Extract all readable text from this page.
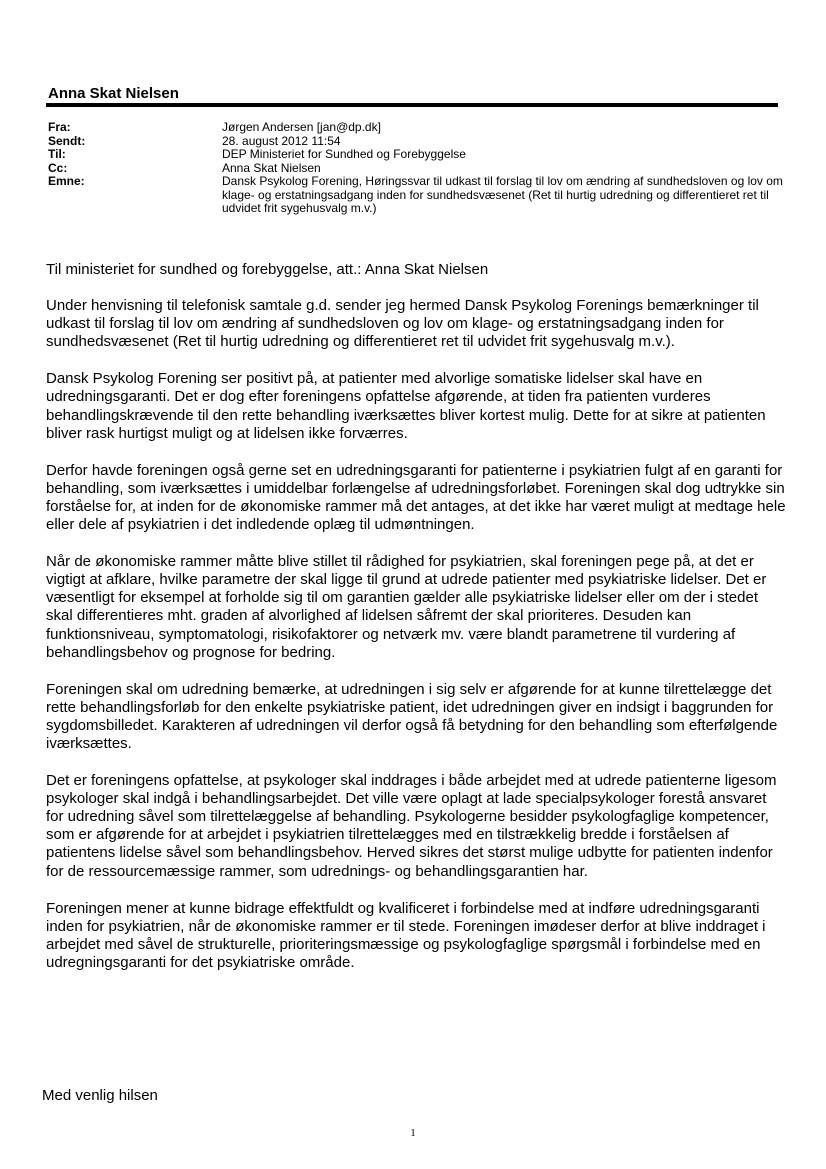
Anna Skat Nielsen
Fra:	Jørgen Andersen [jan@dp.dk]
Sendt:	28. august 2012 11:54
Til:	DEP Ministeriet for Sundhed og Forebyggelse
Cc:	Anna Skat Nielsen
Emne:	Dansk Psykolog Forening, Høringssvar til udkast til forslag til lov om ændring af sundhedsloven og lov om klage- og erstatningsadgang inden for sundhedsvæsenet (Ret til hurtig udredning og differentieret ret til udvidet frit sygehusvalg m.v.)

Til ministeriet for sundhed og forebyggelse, att.: Anna Skat Nielsen

Under henvisning til telefonisk samtale g.d. sender jeg hermed Dansk Psykolog Forenings bemærkninger til udkast til forslag til lov om ændring af sundhedsloven og lov om klage- og erstatningsadgang inden for sundhedsvæsenet (Ret til hurtig udredning og differentieret ret til udvidet frit sygehusvalg m.v.).

Dansk Psykolog Forening ser positivt på, at patienter med alvorlige somatiske lidelser skal have en udredningsgaranti. Det er dog efter foreningens opfattelse afgørende, at tiden fra patienten vurderes behandlingskrævende til den rette behandling iværksættes bliver kortest mulig. Dette for at sikre at patienten bliver rask hurtigst muligt og at lidelsen ikke forværres.

Derfor havde foreningen også gerne set en udredningsgaranti for patienterne i psykiatrien fulgt af en garanti for behandling, som iværksættes i umiddelbar forlængelse af udredningsforløbet. Foreningen skal dog udtrykke sin forståelse for, at inden for de økonomiske rammer må det antages, at det ikke har været muligt at medtage hele eller dele af psykiatrien i det indledende oplæg til udmøntningen.

Når de økonomiske rammer måtte blive stillet til rådighed for psykiatrien, skal foreningen pege på, at det er vigtigt at afklare, hvilke parametre der skal ligge til grund at udrede patienter med psykiatriske lidelser. Det er væsentligt for eksempel at forholde sig til om garantien gælder alle psykiatriske lidelser eller om der i stedet skal differentieres mht. graden af alvorlighed af lidelsen såfremt der skal prioriteres. Desuden kan funktionsniveau, symptomatologi, risikofaktorer og netværk mv. være blandt parametrene til vurdering af behandlingsbehov og prognose for bedring.

Foreningen skal om udredning bemærke, at udredningen i sig selv er afgørende for at kunne tilrettelægge det rette behandlingsforløb for den enkelte psykiatriske patient, idet udredningen giver en indsigt i baggrunden for sygdomsbilledet. Karakteren af udredningen vil derfor også få betydning for den behandling som efterfølgende iværksættes.

Det er foreningens opfattelse, at psykologer skal inddrages i både arbejdet med at udrede patienterne ligesom psykologer skal indgå i behandlingsarbejdet. Det ville være oplagt at lade specialpsykologer forestå ansvaret for udredning såvel som tilrettelæggelse af behandling. Psykologerne besidder psykologfaglige kompetencer, som er afgørende for at arbejdet i psykiatrien tilrettelægges med en tilstrækkelig bredde i forståelsen af patientens lidelse såvel som behandlingsbehov. Herved sikres det størst mulige udbytte for patienten indenfor for de ressourcemæssige rammer, som udrednings- og behandlingsgarantien har.

Foreningen mener at kunne bidrage effektfuldt og kvalificeret i forbindelse med at indføre udredningsgaranti inden for psykiatrien, når de økonomiske rammer er til stede. Foreningen imødeser derfor at blive inddraget i arbejdet med såvel de strukturelle, prioriteringsmæssige og psykologfaglige spørgsmål i forbindelse med en udregningsgaranti for det psykiatriske område.

Med venlig hilsen
1
